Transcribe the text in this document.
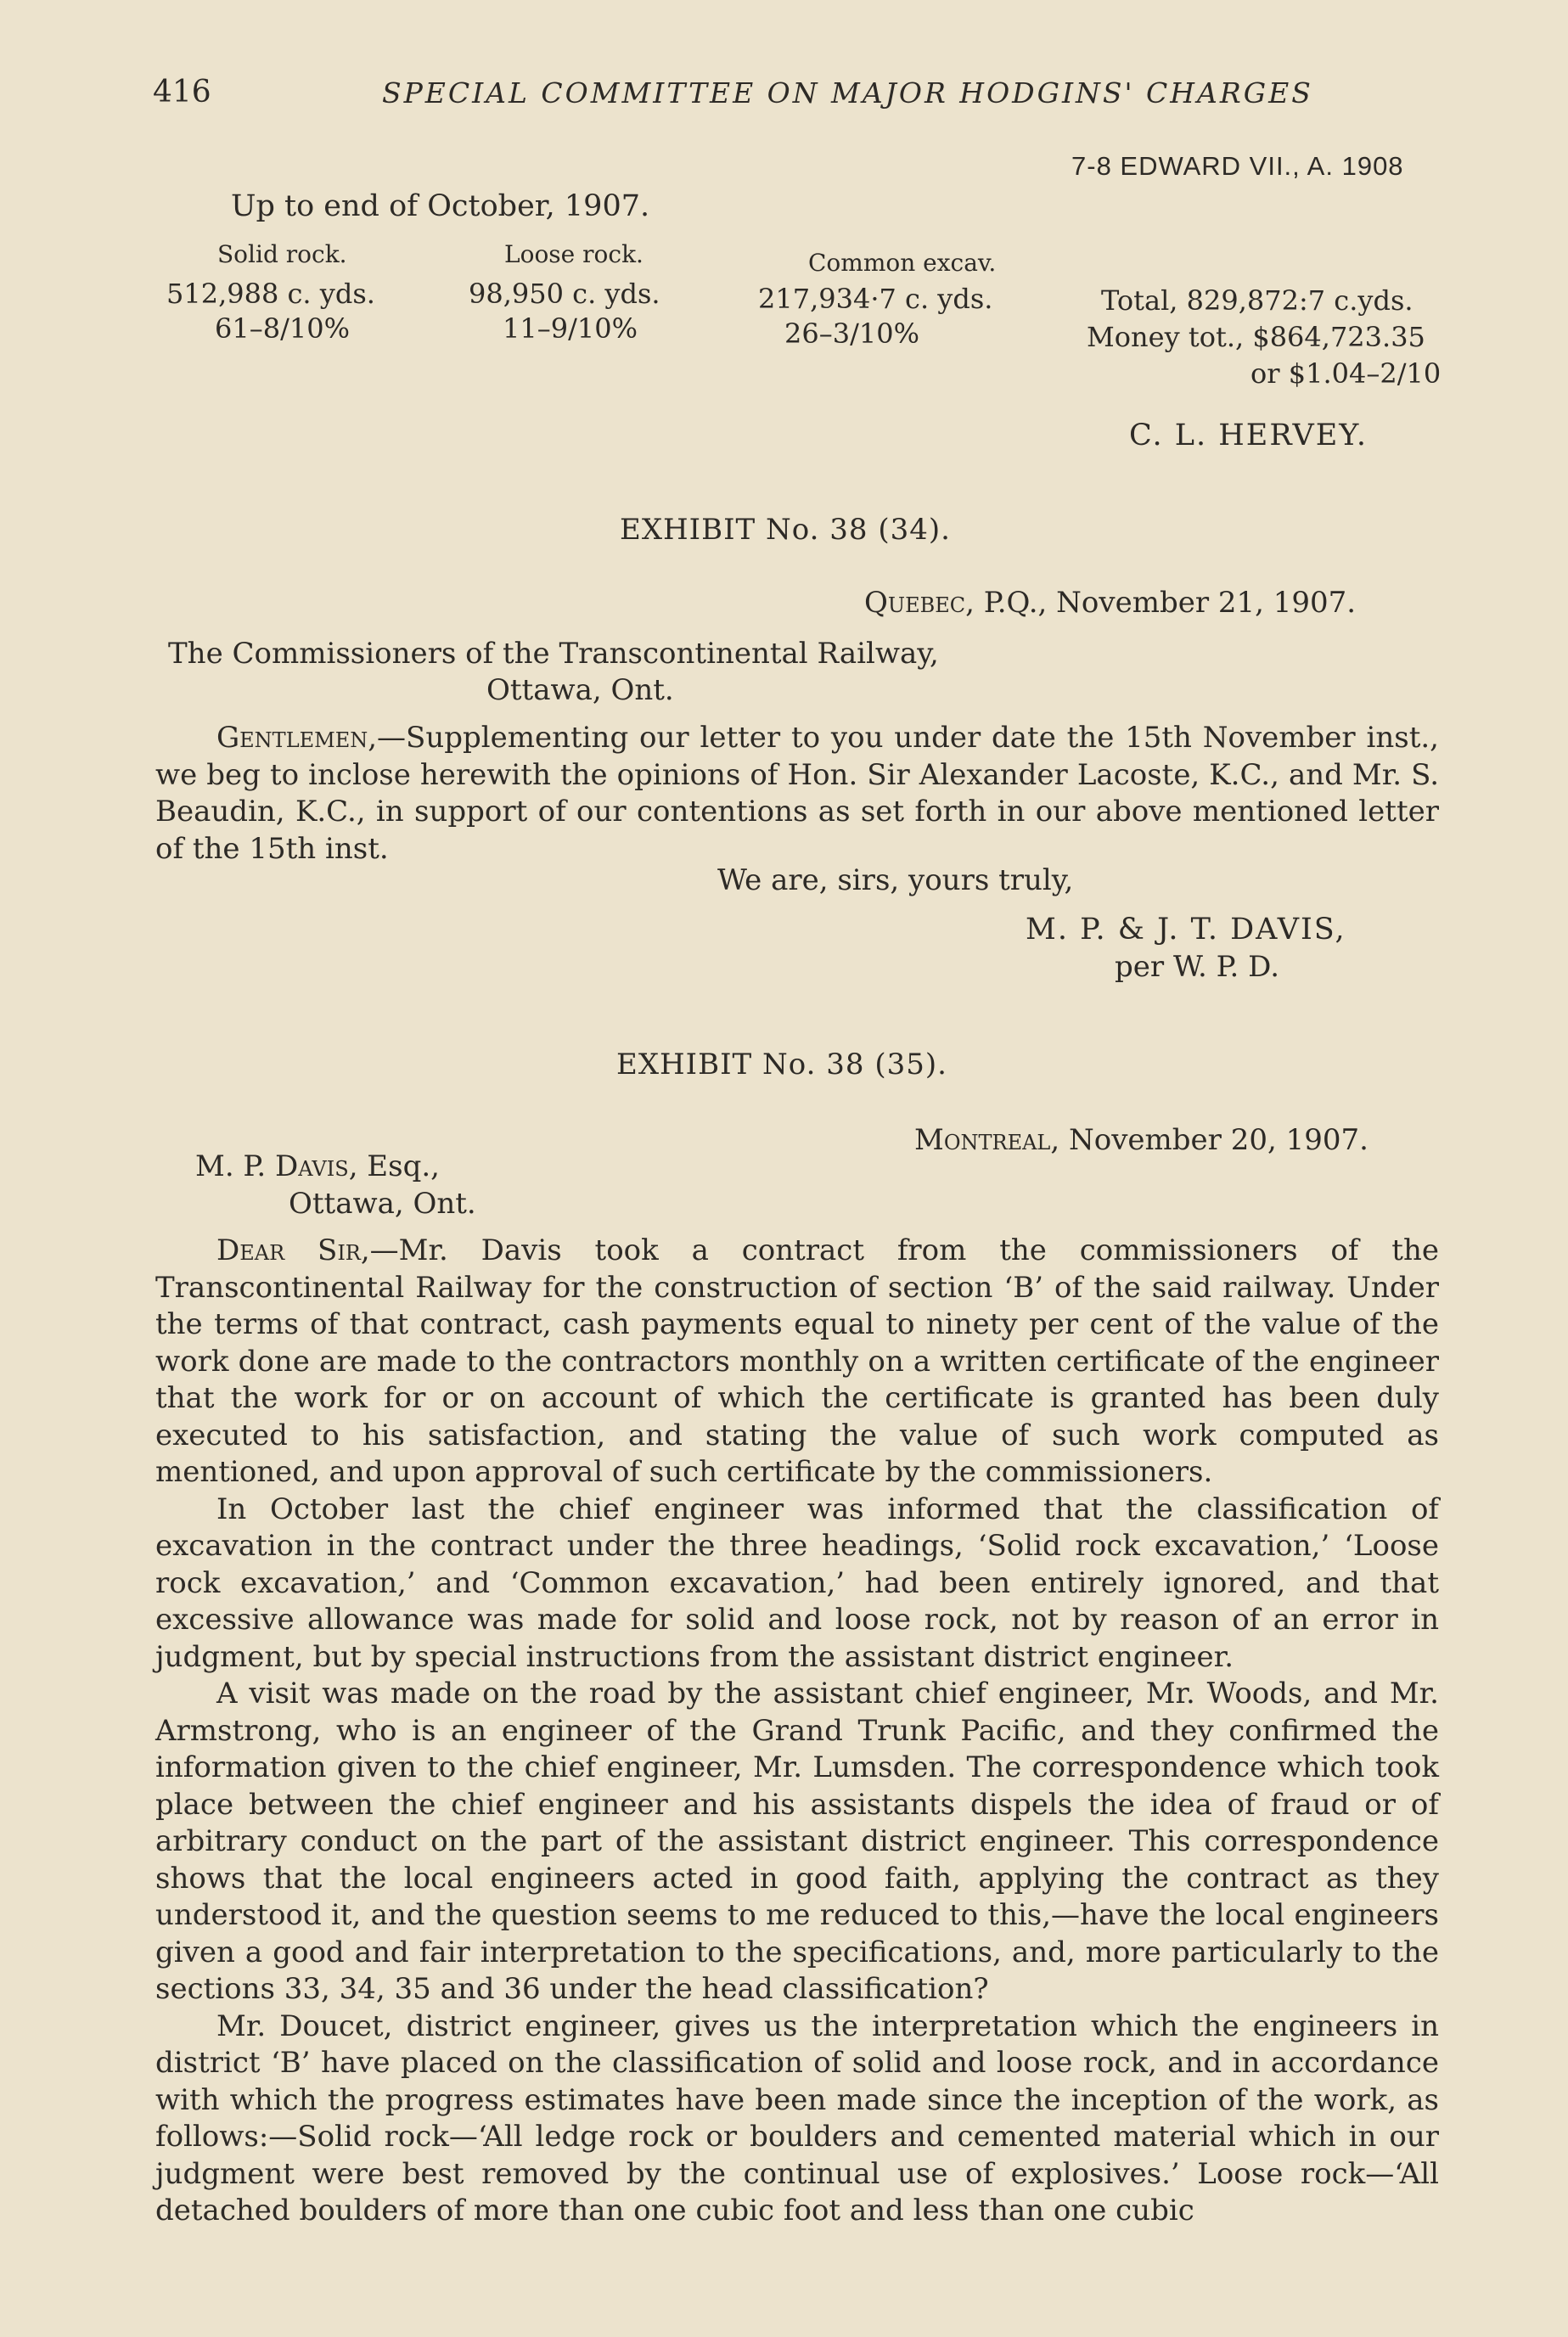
416	SPECIAL COMMITTEE ON MAJOR HODGINS' CHARGES
7-8 EDWARD VII., A. 1908
Up to end of October, 1907.
Solid rock.	Loose rock.	Common excav.
512,988 c. yds.	98,950 c. yds.	217,934·7 c. yds.
61–8/10%	11–9/10%	26–3/10%
Total, 829,872:7 c.yds.
Money tot., $864,723.35
or $1.04–2/10
C. L. HERVEY.
EXHIBIT No. 38 (34).
Quebec, P.Q., November 21, 1907.
The Commissioners of the Transcontinental Railway,
Ottawa, Ont.

Gentlemen,—Supplementing our letter to you under date the 15th November inst., we beg to inclose herewith the opinions of Hon. Sir Alexander Lacoste, K.C., and Mr. S. Beaudin, K.C., in support of our contentions as set forth in our above mentioned letter of the 15th inst.

We are, sirs, yours truly,
M. P. & J. T. DAVIS,
per W. P. D.
EXHIBIT No. 38 (35).
Montreal, November 20, 1907.
M. P. Davis, Esq.,
Ottawa, Ont.

Dear Sir,—Mr. Davis took a contract from the commissioners of the Transcontinental Railway for the construction of section ‘B’ of the said railway. Under the terms of that contract, cash payments equal to ninety per cent of the value of the work done are made to the contractors monthly on a written certificate of the engineer that the work for or on account of which the certificate is granted has been duly executed to his satisfaction, and stating the value of such work computed as mentioned, and upon approval of such certificate by the commissioners.

In October last the chief engineer was informed that the classification of excavation in the contract under the three headings, ‘Solid rock excavation,’ ‘Loose rock excavation,’ and ‘Common excavation,’ had been entirely ignored, and that excessive allowance was made for solid and loose rock, not by reason of an error in judgment, but by special instructions from the assistant district engineer.

A visit was made on the road by the assistant chief engineer, Mr. Woods, and Mr. Armstrong, who is an engineer of the Grand Trunk Pacific, and they confirmed the information given to the chief engineer, Mr. Lumsden. The correspondence which took place between the chief engineer and his assistants dispels the idea of fraud or of arbitrary conduct on the part of the assistant district engineer. This correspondence shows that the local engineers acted in good faith, applying the contract as they understood it, and the question seems to me reduced to this,—have the local engineers given a good and fair interpretation to the specifications, and, more particularly to the sections 33, 34, 35 and 36 under the head classification?

Mr. Doucet, district engineer, gives us the interpretation which the engineers in district ‘B’ have placed on the classification of solid and loose rock, and in accordance with which the progress estimates have been made since the inception of the work, as follows:—Solid rock—‘All ledge rock or boulders and cemented material which in our judgment were best removed by the continual use of explosives.’ Loose rock—‘All detached boulders of more than one cubic foot and less than one cubic
